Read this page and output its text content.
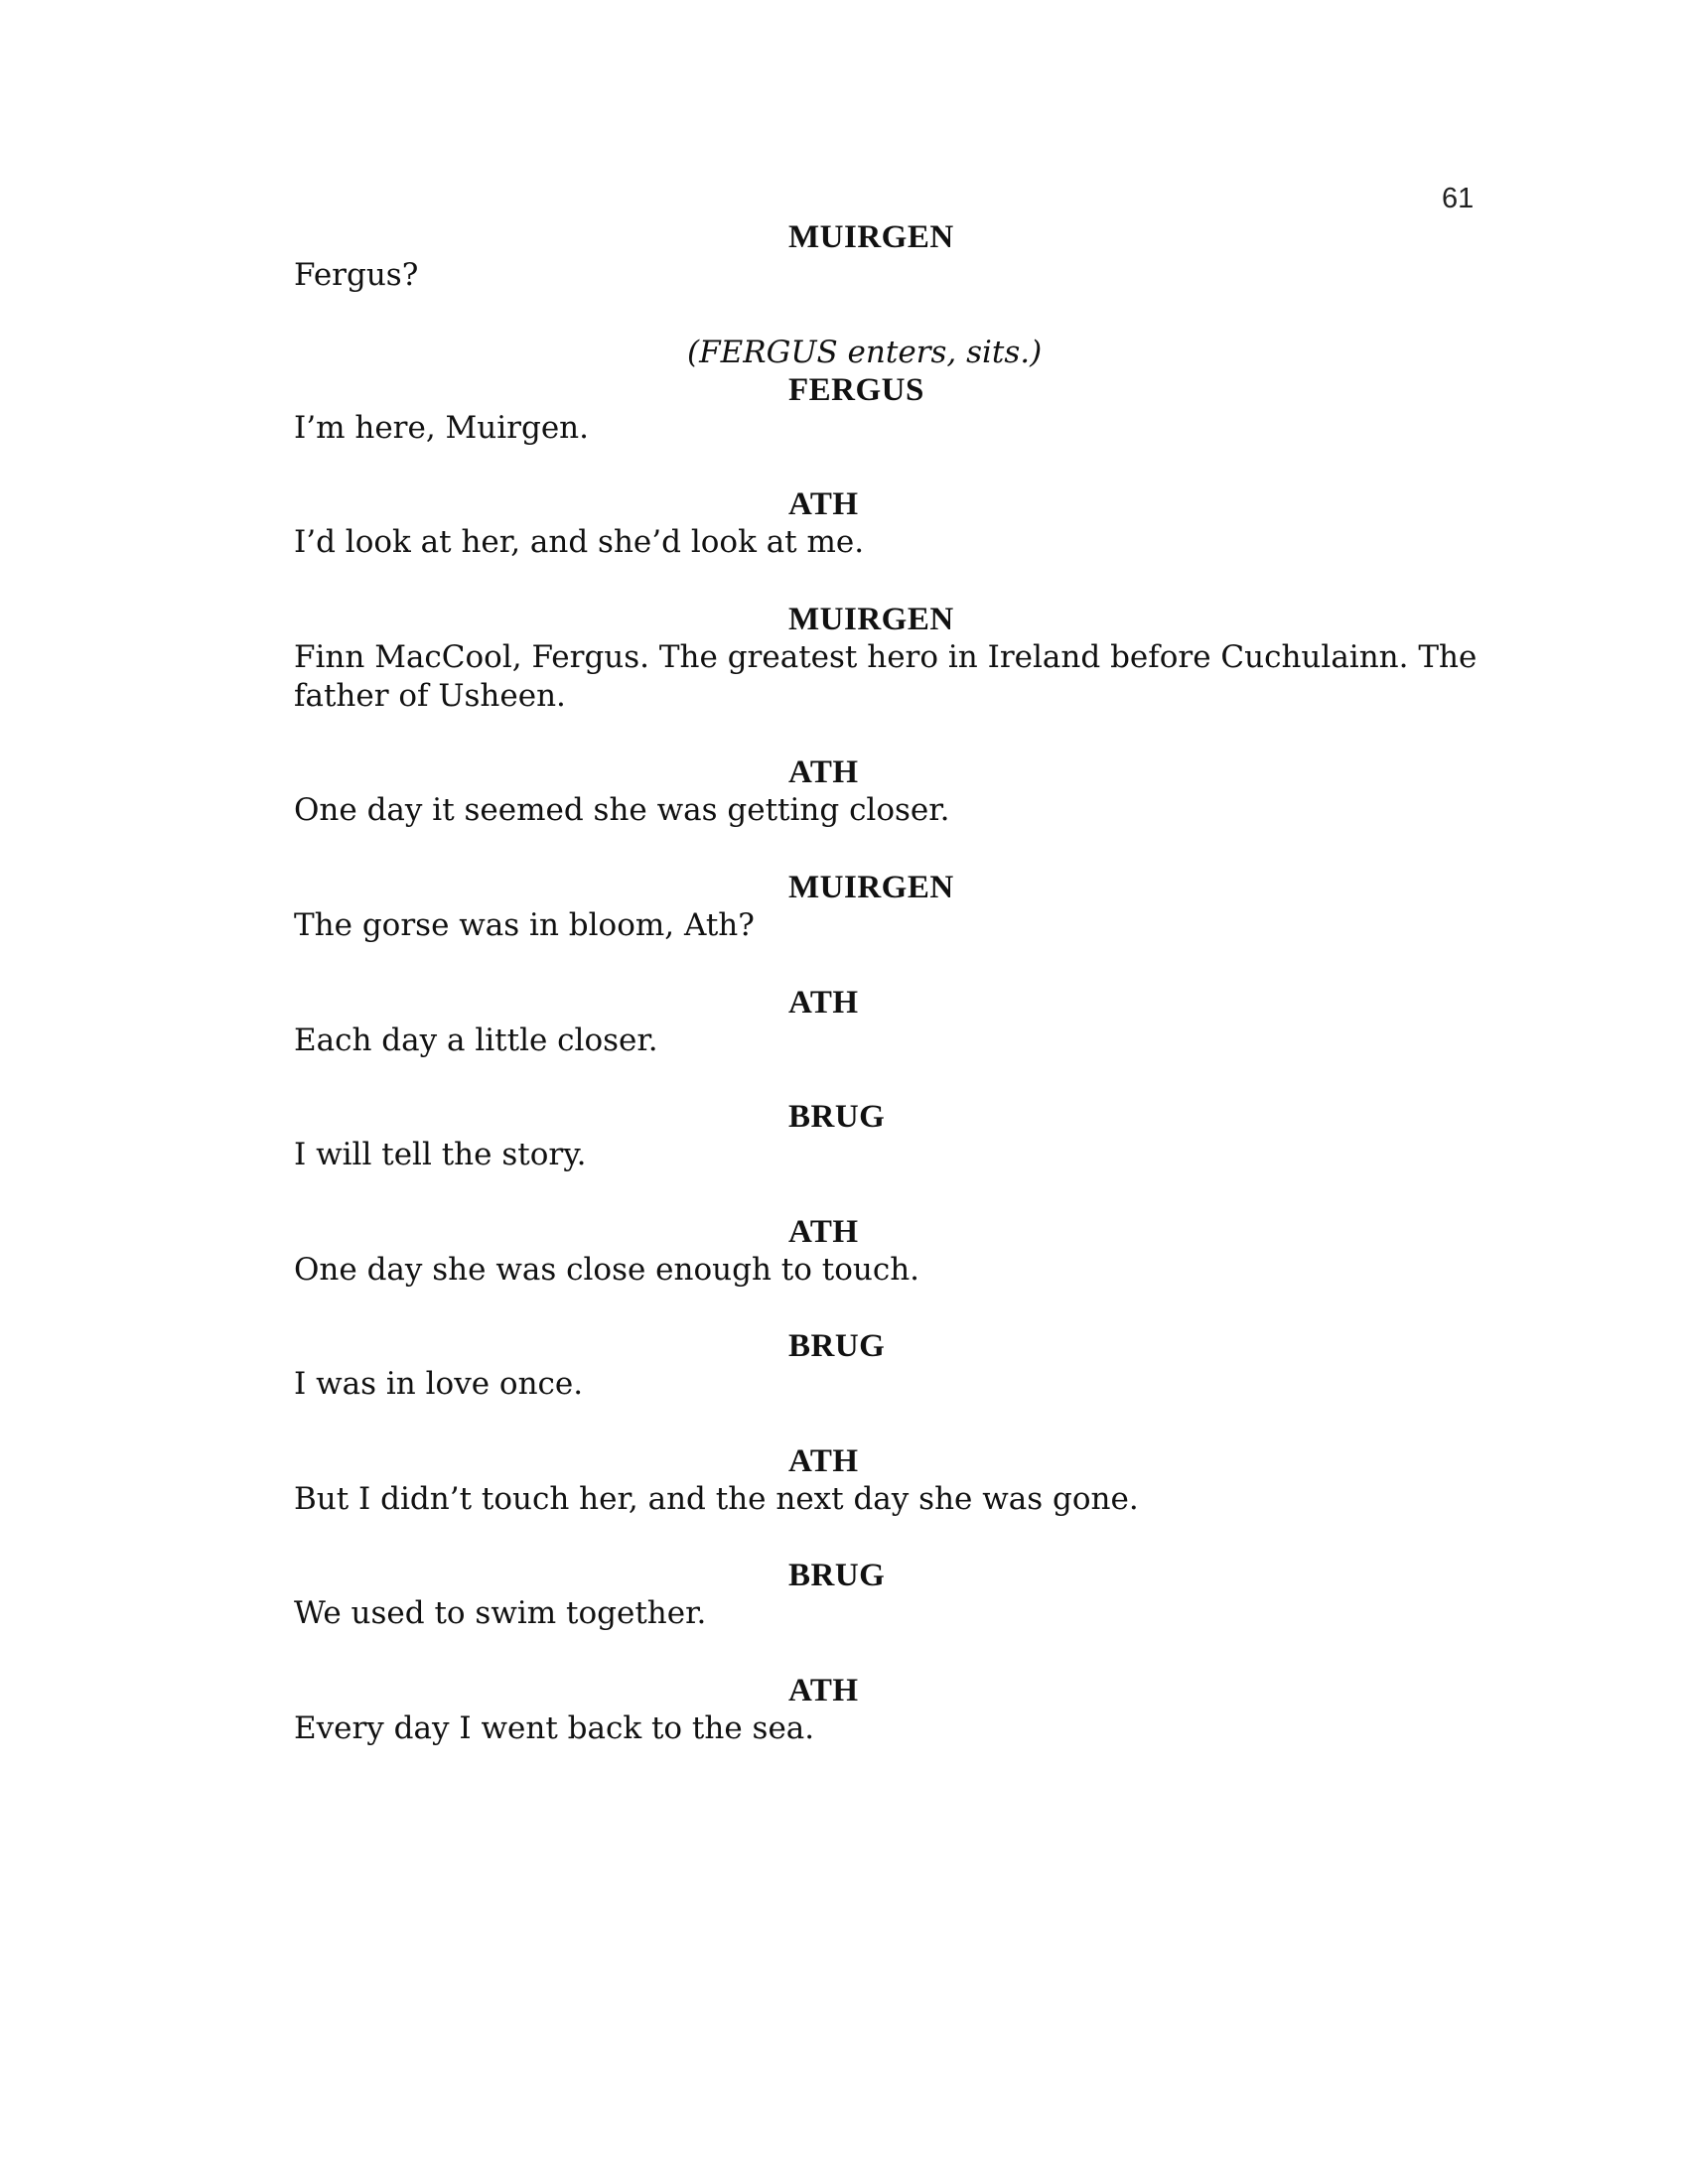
61
MUIRGEN
Fergus?
(FERGUS enters, sits.)
FERGUS
I’m here, Muirgen.
ATH
I’d look at her, and she’d look at me.
MUIRGEN
Finn MacCool, Fergus. The greatest hero in Ireland before Cuchulainn. The father of Usheen.
ATH
One day it seemed she was getting closer.
MUIRGEN
The gorse was in bloom, Ath?
ATH
Each day a little closer.
BRUG
I will tell the story.
ATH
One day she was close enough to touch.
BRUG
I was in love once.
ATH
But I didn’t touch her, and the next day she was gone.
BRUG
We used to swim together.
ATH
Every day I went back to the sea.
